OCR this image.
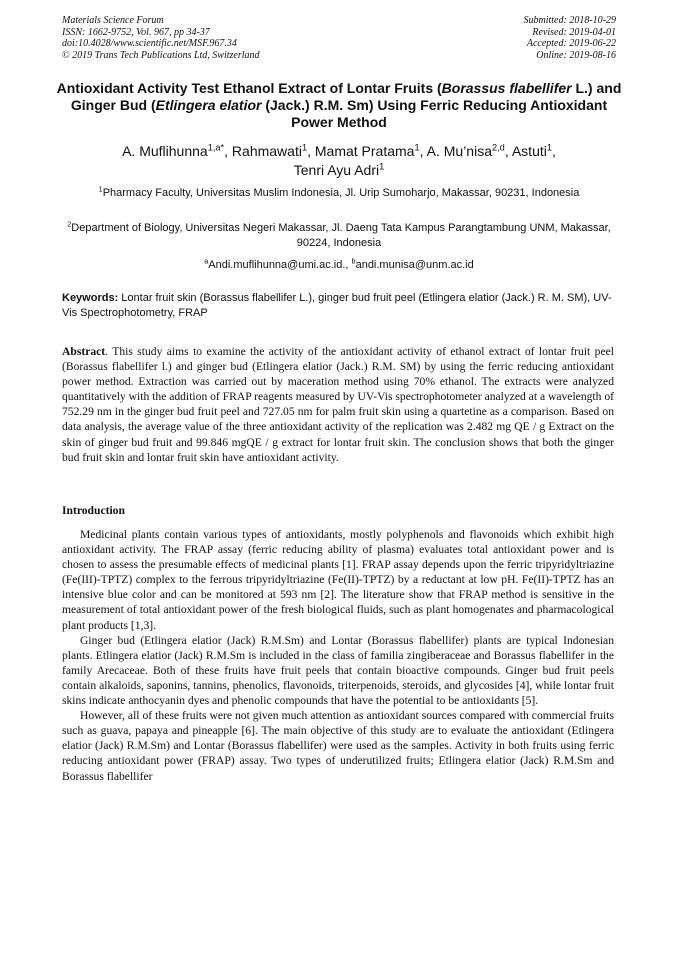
Materials Science Forum
ISSN: 1662-9752, Vol. 967, pp 34-37
doi:10.4028/www.scientific.net/MSF.967.34
© 2019 Trans Tech Publications Ltd, Switzerland
Submitted: 2018-10-29
Revised: 2019-04-01
Accepted: 2019-06-22
Online: 2019-08-16
Antioxidant Activity Test Ethanol Extract of Lontar Fruits (Borassus flabellifer L.) and Ginger Bud (Etlingera elatior (Jack.) R.M. Sm) Using Ferric Reducing Antioxidant Power Method
A. Muflihunna$^{1,a*}$, Rahmawati$^1$, Mamat Pratama$^1$, A. Mu’nisa$^{2,d}$, Astuti$^1$,
Tenri Ayu Adri$^1$
$^1$Pharmacy Faculty, Universitas Muslim Indonesia, Jl. Urip Sumoharjo, Makassar, 90231, Indonesia
$^2$Department of Biology, Universitas Negeri Makassar, Jl. Daeng Tata Kampus Parangtambung UNM, Makassar, 90224, Indonesia
$^a$Andi.muflihunna@umi.ac.id., $^b$andi.munisa@unm.ac.id
Keywords: Lontar fruit skin (Borassus flabellifer L.), ginger bud fruit peel (Etlingera elatior (Jack.) R. M. SM), UV-Vis Spectrophotometry, FRAP
Abstract. This study aims to examine the activity of the antioxidant activity of ethanol extract of lontar fruit peel (Borassus flabellifer l.) and ginger bud (Etlingera elatior (Jack.) R.M. SM) by using the ferric reducing antioxidant power method. Extraction was carried out by maceration method using 70% ethanol. The extracts were analyzed quantitatively with the addition of FRAP reagents measured by UV-Vis spectrophotometer analyzed at a wavelength of 752.29 nm in the ginger bud fruit peel and 727.05 nm for palm fruit skin using a quartetine as a comparison. Based on data analysis, the average value of the three antioxidant activity of the replication was 2.482 mg QE / g Extract on the skin of ginger bud fruit and 99.846 mgQE / g extract for lontar fruit skin. The conclusion shows that both the ginger bud fruit skin and lontar fruit skin have antioxidant activity.
Introduction

Medicinal plants contain various types of antioxidants, mostly polyphenols and flavonoids which exhibit high antioxidant activity. The FRAP assay (ferric reducing ability of plasma) evaluates total antioxidant power and is chosen to assess the presumable effects of medicinal plants [1]. FRAP assay depends upon the ferric tripyridyltriazine (Fe(III)-TPTZ) complex to the ferrous tripyridyltriazine (Fe(II)-TPTZ) by a reductant at low pH. Fe(II)-TPTZ has an intensive blue color and can be monitored at 593 nm [2]. The literature show that FRAP method is sensitive in the measurement of total antioxidant power of the fresh biological fluids, such as plant homogenates and pharmacological plant products [1,3].

Ginger bud (Etlingera elatior (Jack) R.M.Sm) and Lontar (Borassus flabellifer) plants are typical Indonesian plants. Etlingera elatior (Jack) R.M.Sm is included in the class of familia zingiberaceae and Borassus flabellifer in the family Arecaceae. Both of these fruits have fruit peels that contain bioactive compounds. Ginger bud fruit peels contain alkaloids, saponins, tannins, phenolics, flavonoids, triterpenoids, steroids, and glycosides [4], while lontar fruit skins indicate anthocyanin dyes and phenolic compounds that have the potential to be antioxidants [5].

However, all of these fruits were not given much attention as antioxidant sources compared with commercial fruits such as guava, papaya and pineapple [6]. The main objective of this study are to evaluate the antioxidant (Etlingera elatior (Jack) R.M.Sm) and Lontar (Borassus flabellifer) were used as the samples. Activity in both fruits using ferric reducing antioxidant power (FRAP) assay. Two types of underutilized fruits; Etlingera elatior (Jack) R.M.Sm and Borassus flabellifer
